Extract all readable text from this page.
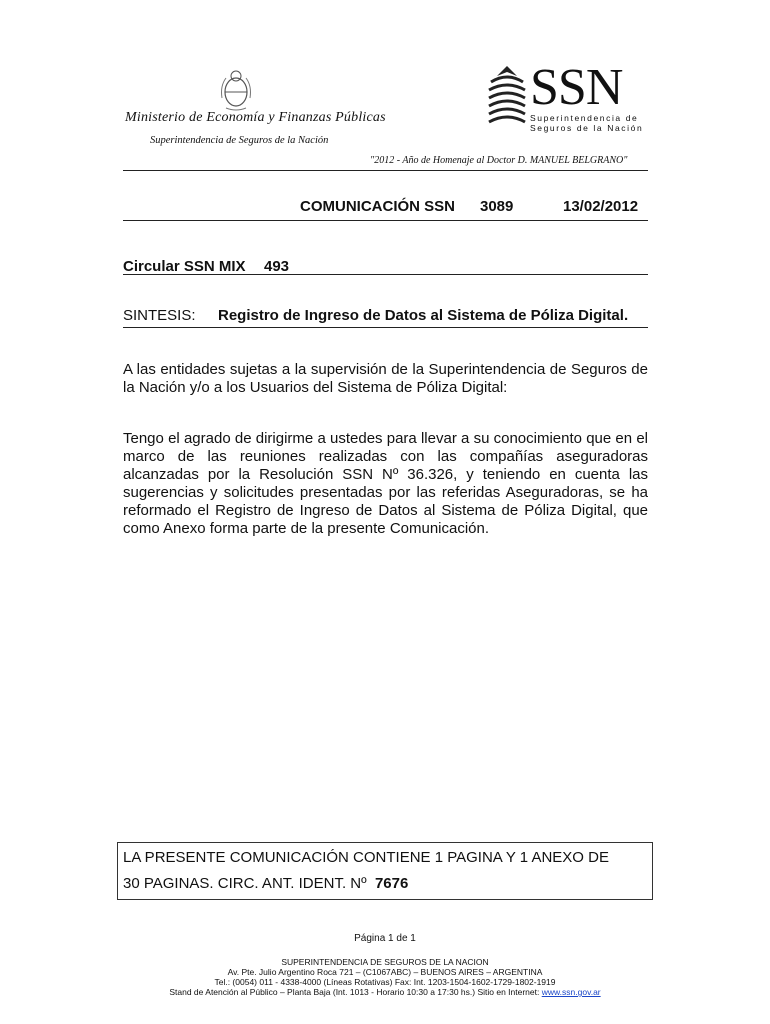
Ministerio de Economía y Finanzas Públicas
Superintendencia de Seguros de la Nación
SSN
Superintendencia de
Seguros de la Nación
"2012 - Año de Homenaje al Doctor D. MANUEL BELGRANO"
COMUNICACIÓN SSN 3089	13/02/2012
Circular SSN MIX 493
SINTESIS: Registro de Ingreso de Datos al Sistema de Póliza Digital.
A las entidades sujetas a la supervisión de la Superintendencia de Seguros de la Nación y/o a los Usuarios del Sistema de Póliza Digital:
Tengo el agrado de dirigirme a ustedes para llevar a su conocimiento que en el marco de las reuniones realizadas con las compañías aseguradoras alcanzadas por la Resolución SSN Nº 36.326, y teniendo en cuenta las sugerencias y solicitudes presentadas por las referidas Aseguradoras, se ha reformado el Registro de Ingreso de Datos al Sistema de Póliza Digital, que como Anexo forma parte de la presente Comunicación.
LA PRESENTE COMUNICACIÓN CONTIENE 1 PAGINA Y 1 ANEXO DE
30 PAGINAS. CIRC. ANT. IDENT. Nº 7676
Página 1 de 1
SUPERINTENDENCIA DE SEGUROS DE LA NACION
Av. Pte. Julio Argentino Roca 721 – (C1067ABC) – BUENOS AIRES – ARGENTINA
Tel.: (0054) 011 - 4338-4000 (Líneas Rotativas) Fax: Int. 1203-1504-1602-1729-1802-1919
Stand de Atención al Público – Planta Baja (Int. 1013 - Horario 10:30 a 17:30 hs.) Sitio en Internet: www.ssn.gov.ar
